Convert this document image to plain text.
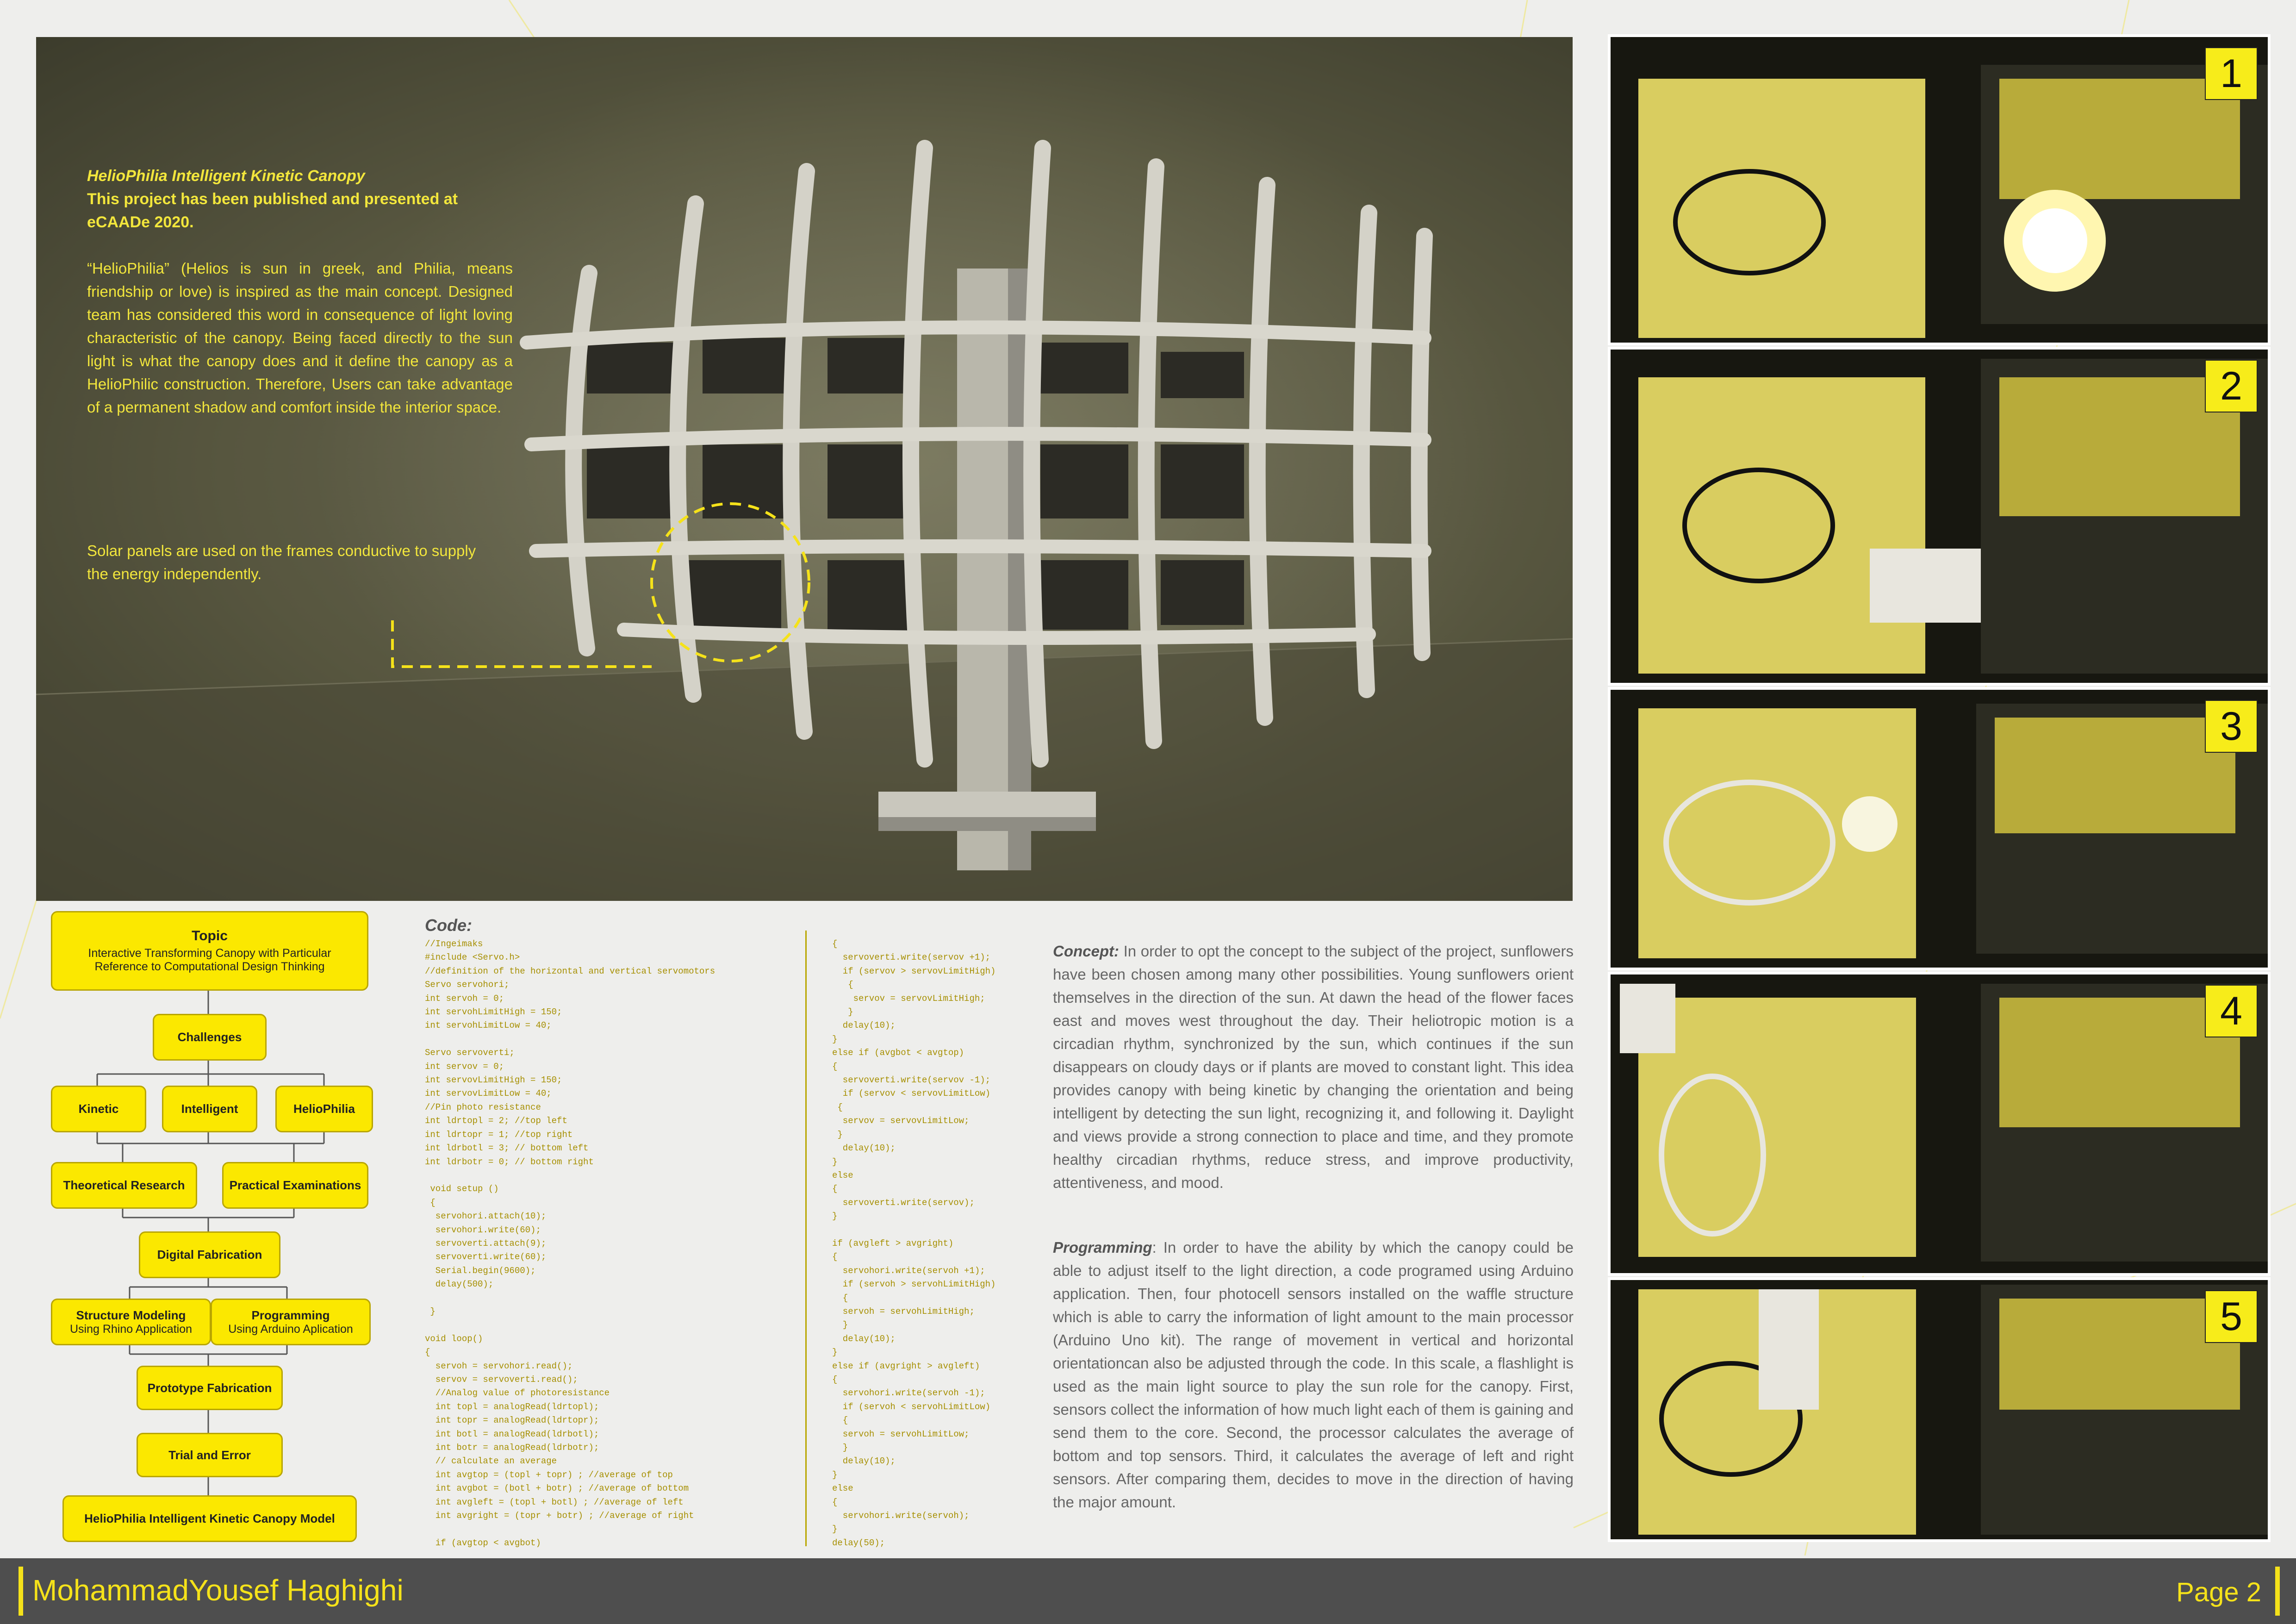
HelioPhilia Intelligent Kinetic Canopy
This project has been published and presented at eCAADe 2020.
“HelioPhilia” (Helios is sun in greek, and Philia, means friendship or love) is inspired as the main concept. Designed team has considered this word in consequence of light loving characteristic of the canopy. Being faced directly to the sun light is what the canopy does and it define the canopy as a HelioPhilic construction. Therefore, Users can take advantage of a permanent shadow and comfort inside the interior space.
Solar panels are used on the frames conductive to supply the energy independently.
1
2
3
4
5
Topic
Interactive Transforming Canopy with Particular Reference to Computational Design Thinking
Challenges
Kinetic	Intelligent	HelioPhilia
Theoretical Research	Practical Examinations
Digital Fabrication
Structure Modeling
Using Rhino Application
Programming
Using Arduino Aplication
Prototype Fabrication
Trial and Error
HelioPhilia Intelligent Kinetic Canopy Model
Code:
//Ingeimaks
#include <Servo.h>
//definition of the horizontal and vertical servomotors
Servo servohori;
int servoh = 0;
int servohLimitHigh = 150;
int servohLimitLow = 40;

Servo servoverti;
int servov = 0;
int servovLimitHigh = 150;
int servovLimitLow = 40;
//Pin photo resistance
int ldrtopl = 2; //top left
int ldrtopr = 1; //top right
int ldrbotl = 3; // bottom left
int ldrbotr = 0; // bottom right

void setup ()
{
servohori.attach(10);
servohori.write(60);
servoverti.attach(9);
servoverti.write(60);
Serial.begin(9600);
delay(500);

}

void loop()
{
servoh = servohori.read();
servov = servoverti.read();
//Analog value of photoresistance
int topl = analogRead(ldrtopl);
int topr = analogRead(ldrtopr);
int botl = analogRead(ldrbotl);
int botr = analogRead(ldrbotr);
// calculate an average
int avgtop = (topl + topr) ; //average of top
int avgbot = (botl + botr) ; //average of bottom
int avgleft = (topl + botl) ; //average of left
int avgright = (topr + botr) ; //average of right

if (avgtop < avgbot)
{
servoverti.write(servov +1);
if (servov > servovLimitHigh)
{
servov = servovLimitHigh;
}
delay(10);
}
else if (avgbot < avgtop)
{
servoverti.write(servov -1);
if (servov < servovLimitLow)
{
servov = servovLimitLow;
}
delay(10);
}
else
{
servoverti.write(servov);
}

if (avgleft > avgright)
{
servohori.write(servoh +1);
if (servoh > servohLimitHigh)
{
servoh = servohLimitHigh;
}
delay(10);
}
else if (avgright > avgleft)
{
servohori.write(servoh -1);
if (servoh < servohLimitLow)
{
servoh = servohLimitLow;
}
delay(10);
}
else
{
servohori.write(servoh);
}
delay(50);
Concept: In order to opt the concept to the subject of the project, sunflowers have been chosen among many other possibilities. Young sunflowers orient themselves in the direction of the sun. At dawn the head of the flower faces east and moves west throughout the day. Their heliotropic motion is a circadian rhythm, synchronized by the sun, which continues if the sun disappears on cloudy days or if plants are moved to constant light. This idea provides canopy with being kinetic by changing the orientation and being intelligent by detecting the sun light, recognizing it, and following it. Daylight and views provide a strong connection to place and time, and they promote healthy circadian rhythms, reduce stress, and improve productivity, attentiveness, and mood.
Programming: In order to have the ability by which the canopy could be able to adjust itself to the light direction, a code programed using Arduino application. Then, four photocell sensors installed on the waffle structure which is able to carry the information of light amount to the main processor (Arduino Uno kit). The range of movement in vertical and horizontal orientationcan also be adjusted through the code. In this scale, a flashlight is used as the main light source to play the sun role for the canopy. First, sensors collect the information of how much light each of them is gaining and send them to the core. Second, the processor calculates the average of bottom and top sensors. Third, it calculates the average of left and right sensors. After comparing them, decides to move in the direction of having the major amount.
MohammadYousef Haghighi	Page 2
